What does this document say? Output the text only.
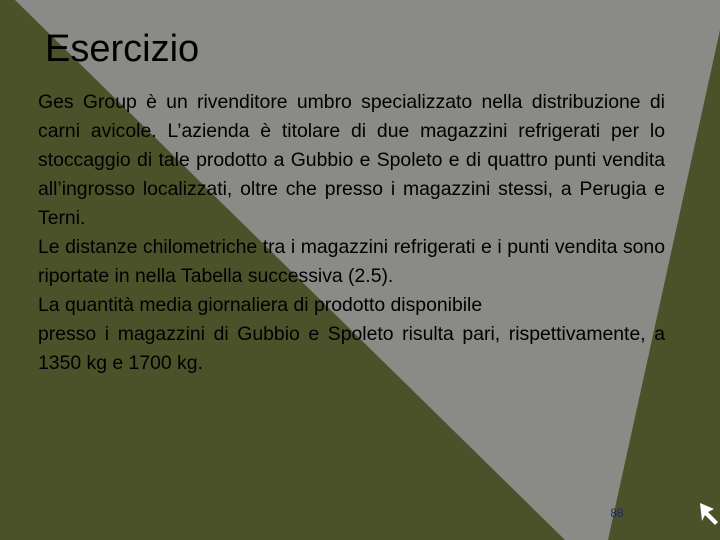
Esercizio

Ges Group è un rivenditore umbro specializzato nella distribuzione di carni avicole. L’azienda è titolare di due magazzini refrigerati per lo stoccaggio di tale prodotto a Gubbio e Spoleto e di quattro punti vendita all’ingrosso localizzati, oltre che presso i magazzini stessi, a Perugia e Terni.

Le distanze chilometriche tra i magazzini refrigerati e i punti vendita sono riportate in nella Tabella successiva (2.5).

La quantità media giornaliera di prodotto disponibile

presso i magazzini di Gubbio e Spoleto risulta pari, rispettivamente, a 1350 kg e 1700 kg.

88
